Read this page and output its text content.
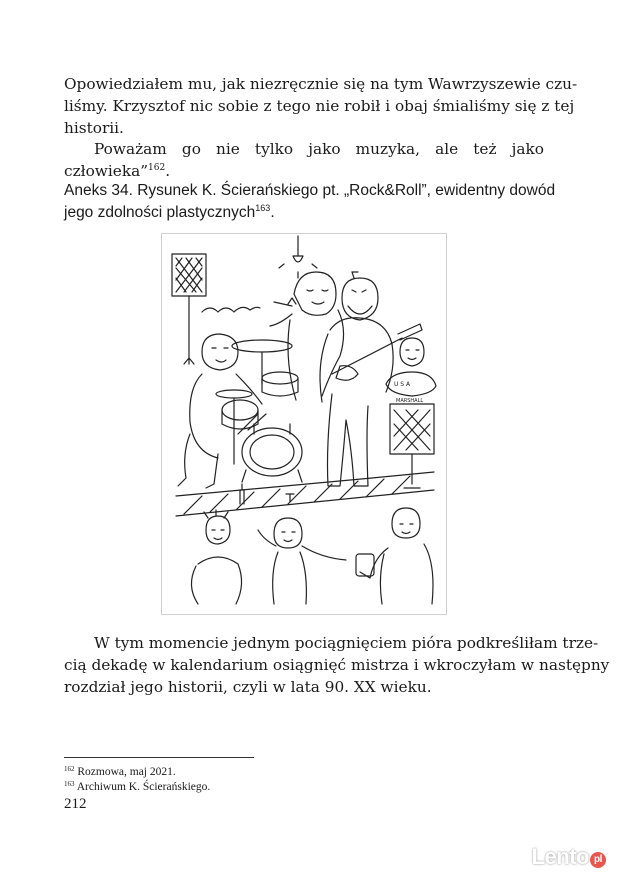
Opowiedziałem mu, jak niezręcznie się na tym Wawrzyszewie czu-
liśmy. Krzysztof nic sobie z tego nie robił i obaj śmialiśmy się z tej
historii.

Poważam go nie tylko jako muzyka, ale też jako człowieka”$^{162}$.

Aneks 34. Rysunek K. Ścierańskiego pt. „Rock&Roll”, ewidentny dowód
jego zdolności plastycznych$^{163}$.
U S A
MARSHALL
W tym momencie jednym pociągnięciem pióra podkreśliłam trze-
cią dekadę w kalendarium osiągnięć mistrza i wkroczyłam w następny
rozdział jego historii, czyli w lata 90. XX wieku.
$^{162}$ Rozmowa, maj 2021.
$^{163}$ Archiwum K. Ścierańskiego.
212
Lento pl
